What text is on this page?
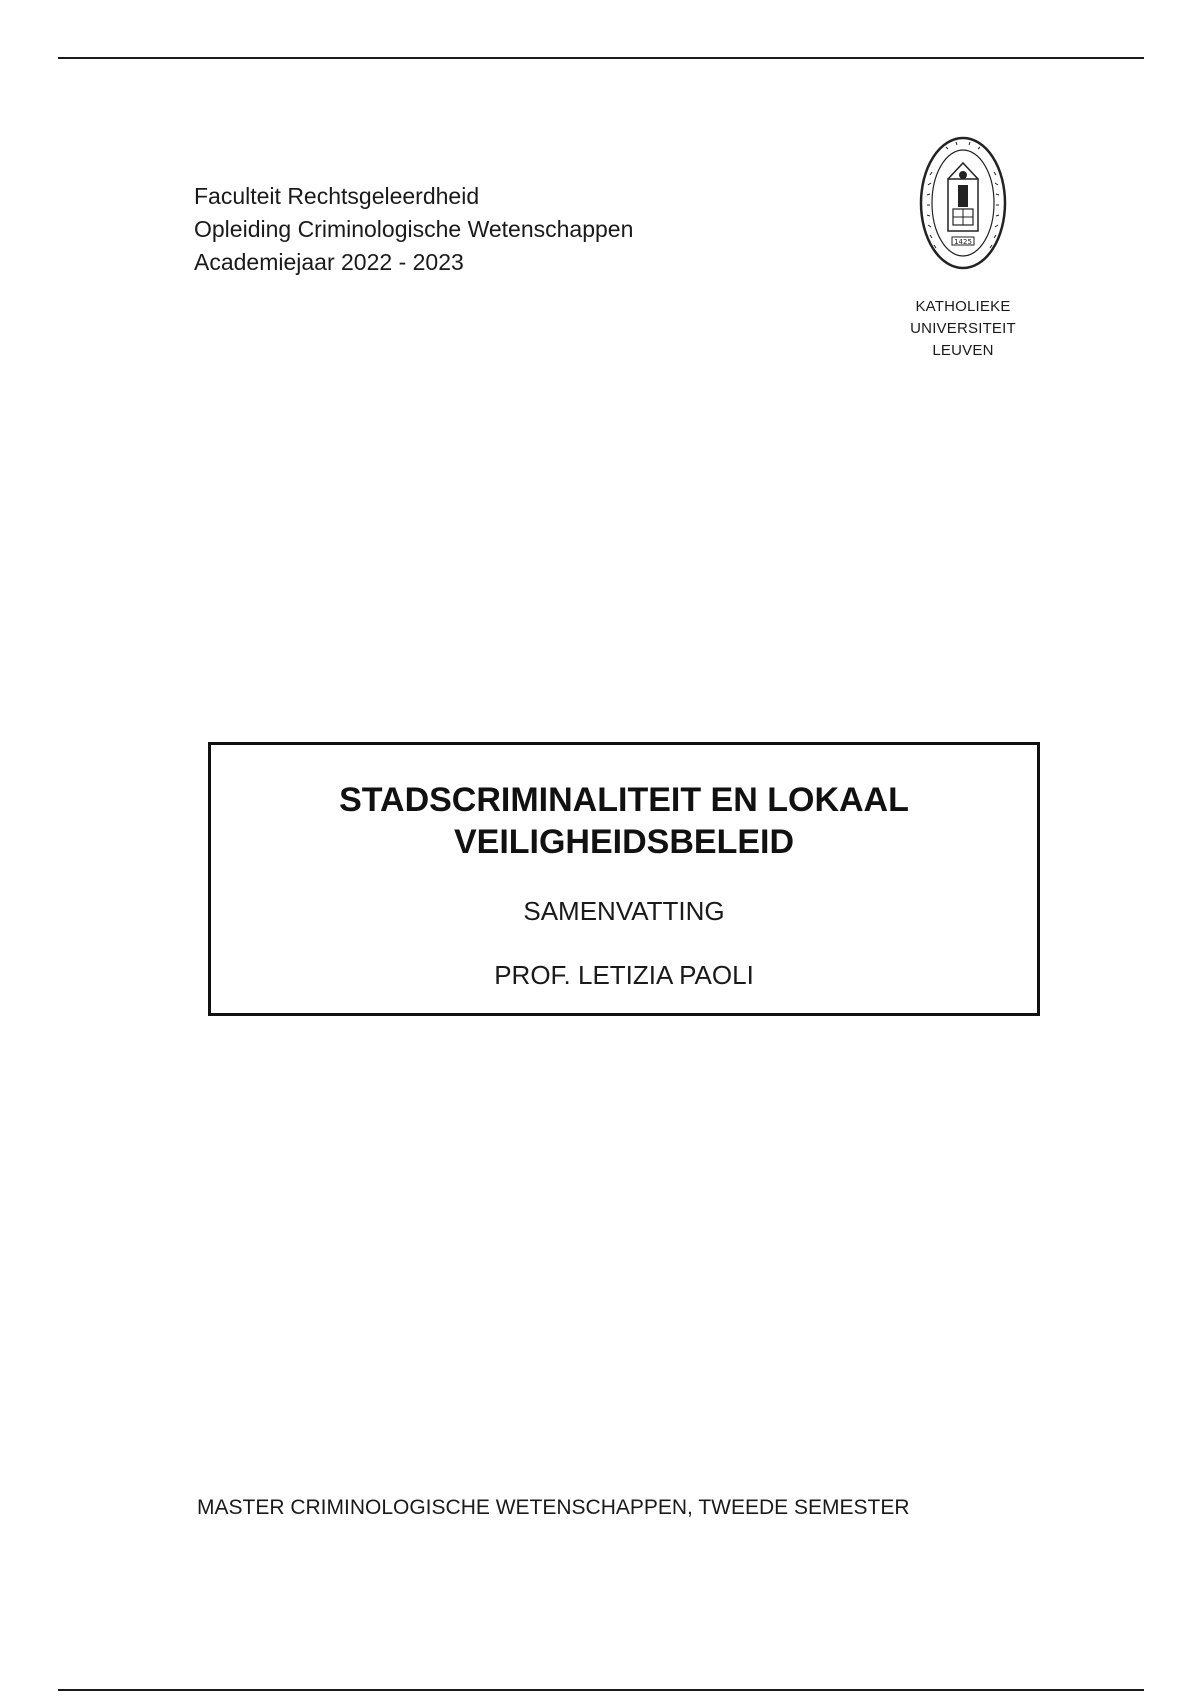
Faculteit Rechtsgeleerdheid
Opleiding Criminologische Wetenschappen
Academiejaar 2022 - 2023
1425
KATHOLIEKE
UNIVERSITEIT
LEUVEN
STADSCRIMINALITEIT EN LOKAAL
VEILIGHEIDSBELEID
SAMENVATTING
PROF. LETIZIA PAOLI
MASTER CRIMINOLOGISCHE WETENSCHAPPEN, TWEEDE SEMESTER
